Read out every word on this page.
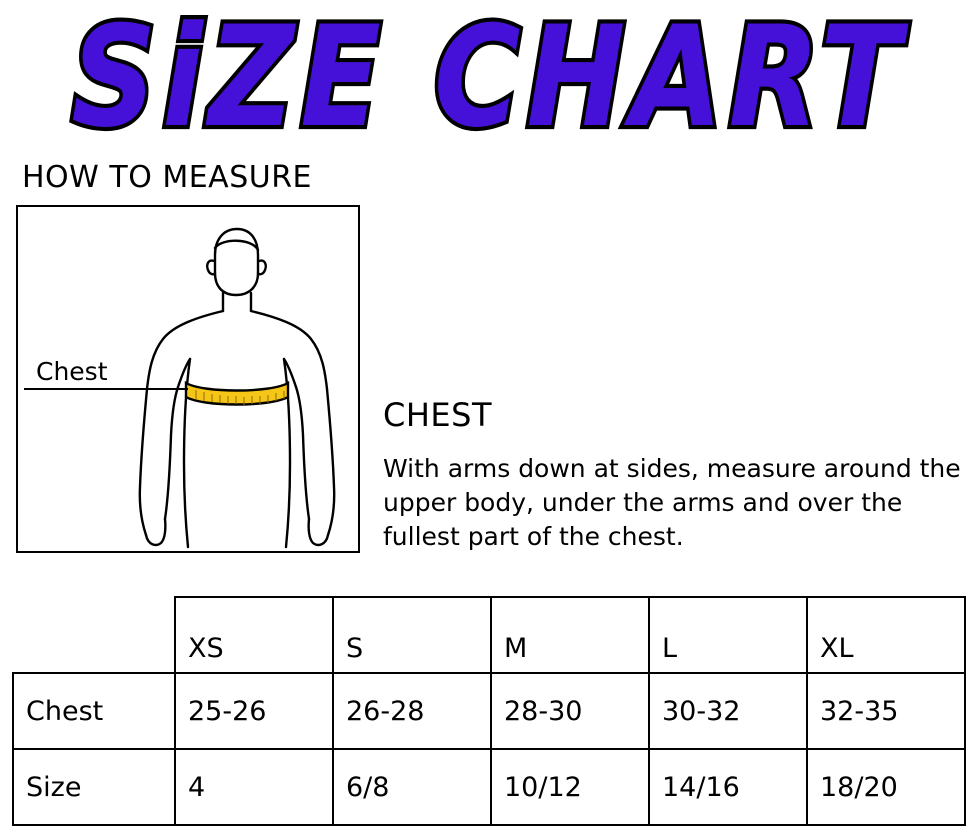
SiZE CHART
HOW TO MEASURE
Chest
CHEST
With arms down at sides, measure around the upper body, under the arms and over the fullest part of the chest.
	XS	S	M	L	XL
Chest	25-26	26-28	28-30	30-32	32-35
Size	4	6/8	10/12	14/16	18/20
